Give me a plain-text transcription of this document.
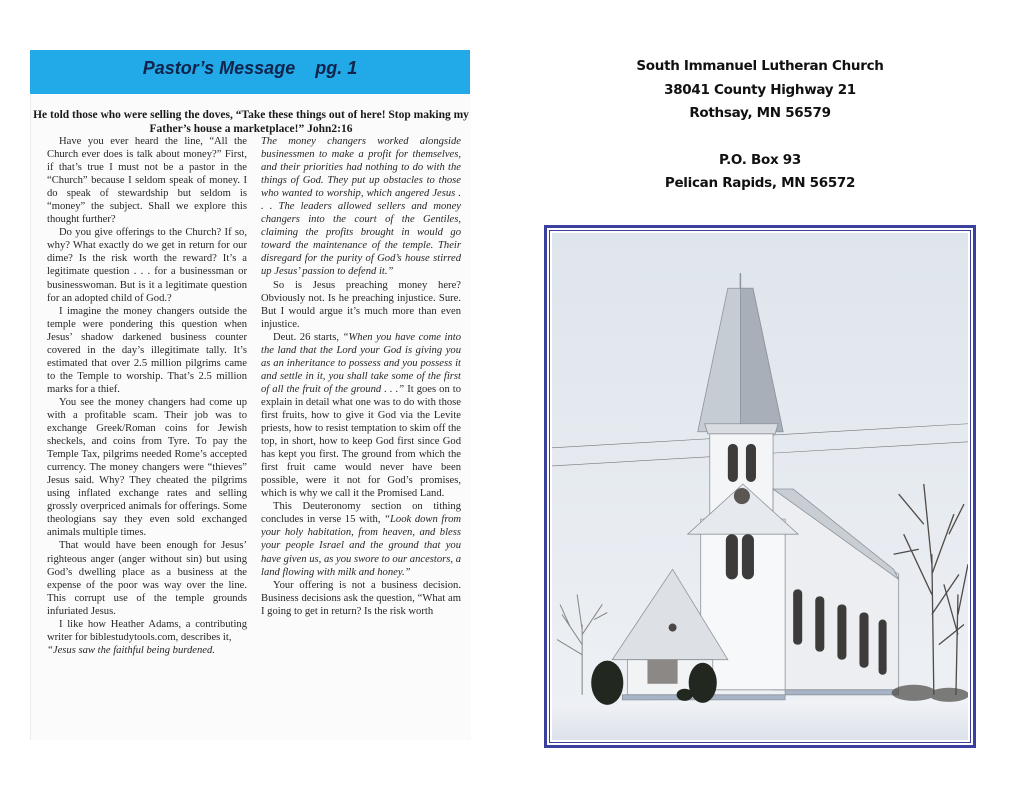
Pastor’s Message    pg. 1
He told those who were selling the doves, “Take these things out of here! Stop making my Father’s house a marketplace!” John2:16

Have you ever heard the line, “All the Church ever does is talk about money?” First, if that’s true I must not be a pastor in the “Church” because I seldom speak of money. I do speak of stewardship but seldom is “money” the subject. Shall we explore this thought further?

Do you give offerings to the Church? If so, why? What exactly do we get in return for our dime? Is the risk worth the reward? It’s a legitimate question . . . for a businessman or businesswoman. But is it a legitimate question for an adopted child of God.?

I imagine the money changers outside the temple were pondering this question when Jesus’ shadow darkened business counter covered in the day’s illegitimate tally. It’s estimated that over 2.5 million pilgrims came to the Temple to worship. That’s 2.5 million marks for a thief.

You see the money changers had come up with a profitable scam. Their job was to exchange Greek/Roman coins for Jewish sheckels, and coins from Tyre. To pay the Temple Tax, pilgrims needed Rome’s accepted currency. The money changers were “thieves” Jesus said. Why? They cheated the pilgrims using inflated exchange rates and selling grossly overpriced animals for offerings. Some theologians say they even sold exchanged animals multiple times.

That would have been enough for Jesus’ righteous anger (anger without sin) but using God’s dwelling place as a business at the expense of the poor was way over the line. This corrupt use of the temple grounds infuriated Jesus.

I like how Heather Adams, a contributing writer for biblestudytools.com, describes it,

“Jesus saw the faithful being burdened.

The money changers worked alongside businessmen to make a profit for themselves, and their priorities had nothing to do with the things of God. They put up obstacles to those who wanted to worship, which angered Jesus . . . The leaders allowed sellers and money changers into the court of the Gentiles, claiming the profits brought in would go toward the maintenance of the temple. Their disregard for the purity of God’s house stirred up Jesus’ passion to defend it.”

So is Jesus preaching money here? Obviously not. Is he preaching injustice. Sure. But I would argue it’s much more than even injustice.

Deut. 26 starts, “When you have come into the land that the Lord your God is giving you as an inheritance to possess and you possess it and settle in it, you shall take some of the first of all the fruit of the ground . . .” It goes on to explain in detail what one was to do with those first fruits, how to give it God via the Levite priests, how to resist temptation to skim off the top, in short, how to keep God first since God has kept you first. The ground from which the first fruit came would never have been possible, were it not for God’s promises, which is why we call it the Promised Land.

This Deuteronomy section on tithing concludes in verse 15 with, “Look down from your holy habitation, from heaven, and bless your people Israel and the ground that you have given us, as you swore to our ancestors, a land flowing with milk and honey.”

Your offering is not a business decision. Business decisions ask the question, “What am I going to get in return? Is the risk worth

South Immanuel Lutheran Church
38041 County Highway 21
Rothsay, MN 56579
P.O. Box 93
Pelican Rapids, MN 56572
